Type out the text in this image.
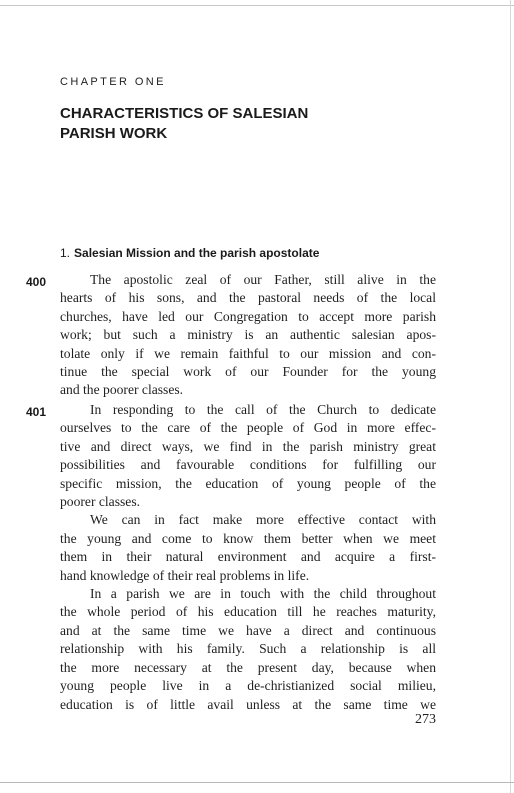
CHAPTER ONE
CHARACTERISTICS OF SALESIAN
PARISH WORK
1. Salesian Mission and the parish apostolate
400	The apostolic zeal of our Father, still alive in the
hearts of his sons, and the pastoral needs of the local
churches, have led our Congregation to accept more parish
work; but such a ministry is an authentic salesian apos-
tolate only if we remain faithful to our mission and con-
tinue the special work of our Founder for the young
and the poorer classes.
401	In responding to the call of the Church to dedicate
ourselves to the care of the people of God in more effec-
tive and direct ways, we find in the parish ministry great
possibilities and favourable conditions for fulfilling our
specific mission, the education of young people of the
poorer classes.
We can in fact make more effective contact with
the young and come to know them better when we meet
them in their natural environment and acquire a first-
hand knowledge of their real problems in life.
In a parish we are in touch with the child throughout
the whole period of his education till he reaches maturity,
and at the same time we have a direct and continuous
relationship with his family. Such a relationship is all
the more necessary at the present day, because when
young people live in a de-christianized social milieu,
education is of little avail unless at the same time we
273
